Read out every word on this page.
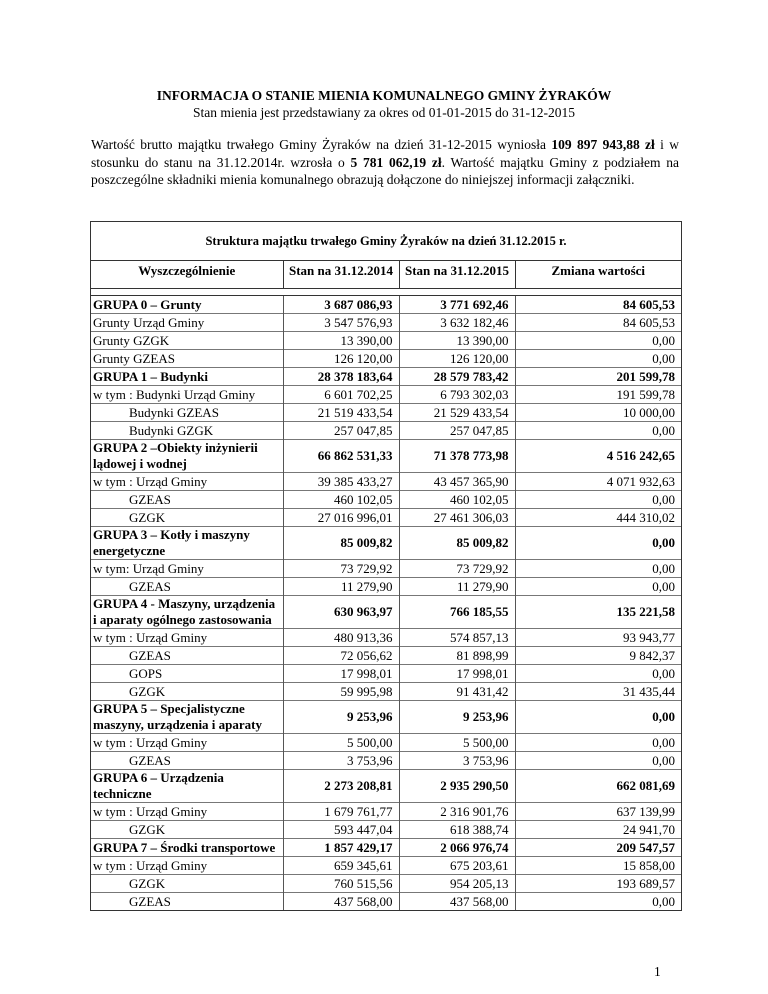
INFORMACJA O STANIE MIENIA KOMUNALNEGO GMINY ŻYRAKÓW
Stan mienia jest przedstawiany za okres od 01-01-2015 do 31-12-2015
Wartość brutto majątku trwałego Gminy Żyraków na dzień 31-12-2015 wyniosła 109 897 943,88 zł i w stosunku do stanu na 31.12.2014r. wzrosła o 5 781 062,19 zł. Wartość majątku Gminy z podziałem na poszczególne składniki mienia komunalnego obrazują dołączone do niniejszej informacji załączniki.
Struktura majątku trwałego Gminy Żyraków na dzień 31.12.2015 r.
Wyszczególnienie	Stan na 31.12.2014	Stan na 31.12.2015	Zmiana wartości

GRUPA 0 – Grunty	3 687 086,93	3 771 692,46	84 605,53
Grunty Urząd Gminy	3 547 576,93	3 632 182,46	84 605,53
Grunty GZGK	13 390,00	13 390,00	0,00
Grunty GZEAS	126 120,00	126 120,00	0,00
GRUPA 1 – Budynki	28 378 183,64	28 579 783,42	201 599,78
w tym : Budynki Urząd Gminy	6 601 702,25	6 793 302,03	191 599,78
Budynki GZEAS	21 519 433,54	21 529 433,54	10 000,00
Budynki GZGK	257 047,85	257 047,85	0,00
GRUPA 2 –Obiekty inżynierii lądowej i wodnej	66 862 531,33	71 378 773,98	4 516 242,65
w tym : Urząd Gminy	39 385 433,27	43 457 365,90	4 071 932,63
GZEAS	460 102,05	460 102,05	0,00
GZGK	27 016 996,01	27 461 306,03	444 310,02
GRUPA 3 – Kotły i maszyny energetyczne	85 009,82	85 009,82	0,00
w tym: Urząd Gminy	73 729,92	73 729,92	0,00
GZEAS	11 279,90	11 279,90	0,00
GRUPA 4 - Maszyny, urządzenia i aparaty ogólnego zastosowania	630 963,97	766 185,55	135 221,58
w tym : Urząd Gminy	480 913,36	574 857,13	93 943,77
GZEAS	72 056,62	81 898,99	9 842,37
GOPS	17 998,01	17 998,01	0,00
GZGK	59 995,98	91 431,42	31 435,44
GRUPA 5 – Specjalistyczne maszyny, urządzenia i aparaty	9 253,96	9 253,96	0,00
w tym : Urząd Gminy	5 500,00	5 500,00	0,00
GZEAS	3 753,96	3 753,96	0,00
GRUPA 6 – Urządzenia techniczne	2 273 208,81	2 935 290,50	662 081,69
w tym : Urząd Gminy	1 679 761,77	2 316 901,76	637 139,99
GZGK	593 447,04	618 388,74	24 941,70
GRUPA 7 – Środki transportowe	1 857 429,17	2 066 976,74	209 547,57
w tym : Urząd Gminy	659 345,61	675 203,61	15 858,00
GZGK	760 515,56	954 205,13	193 689,57
GZEAS	437 568,00	437 568,00	0,00
1
